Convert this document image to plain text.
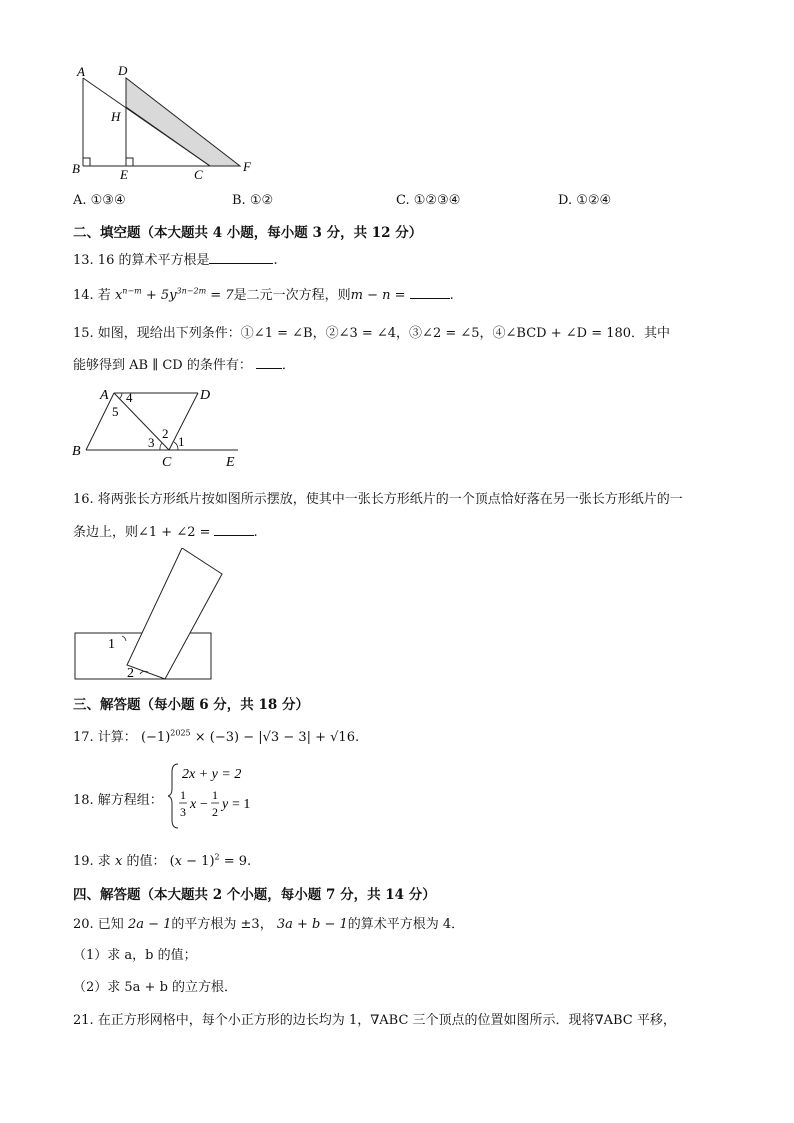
A	D
H
B	E	C
F
A. ①③④	B. ①②	C. ①②③④	D. ①②④
二、填空题（本大题共 4 小题，每小题 3 分，共 12 分）
13. 16 的算术平方根是	.
14. 若 $x^{n-m} + 5y^{3n-2m} = 7$是二元一次方程，则m − n =	.
15. 如图，现给出下列条件：①∠1 = ∠B，②∠3 = ∠4，③∠2 = ∠5，④∠BCD + ∠D = 180．其中
能够得到 AB ∥ CD 的条件有： ．
A	D
B
C	E
4
5
2
3 1
16. 将两张长方形纸片按如图所示摆放，使其中一张长方形纸片的一个顶点恰好落在另一张长方形纸片的一
条边上，则∠1 + ∠2 =	.
1
2
三、解答题（每小题 6 分，共 18 分）
17. 计算： $(-1)^{2025} \times (-3) - |√3 - 3| + √16$.
18. 解方程组：
2x + y = 2
1
3 x −
1
2 y = 1
19. 求 x 的值： $(x - 1)^2 = 9$.
四、解答题（本大题共 2 个小题，每小题 7 分，共 14 分）
20. 已知 2a − 1的平方根为 ±3， 3a + b − 1的算术平方根为 4．
（1）求 a，b 的值；
（2）求 5a + b 的立方根．
21. 在正方形网格中，每个小正方形的边长均为 1，∇ABC 三个顶点的位置如图所示．现将∇ABC 平移，
